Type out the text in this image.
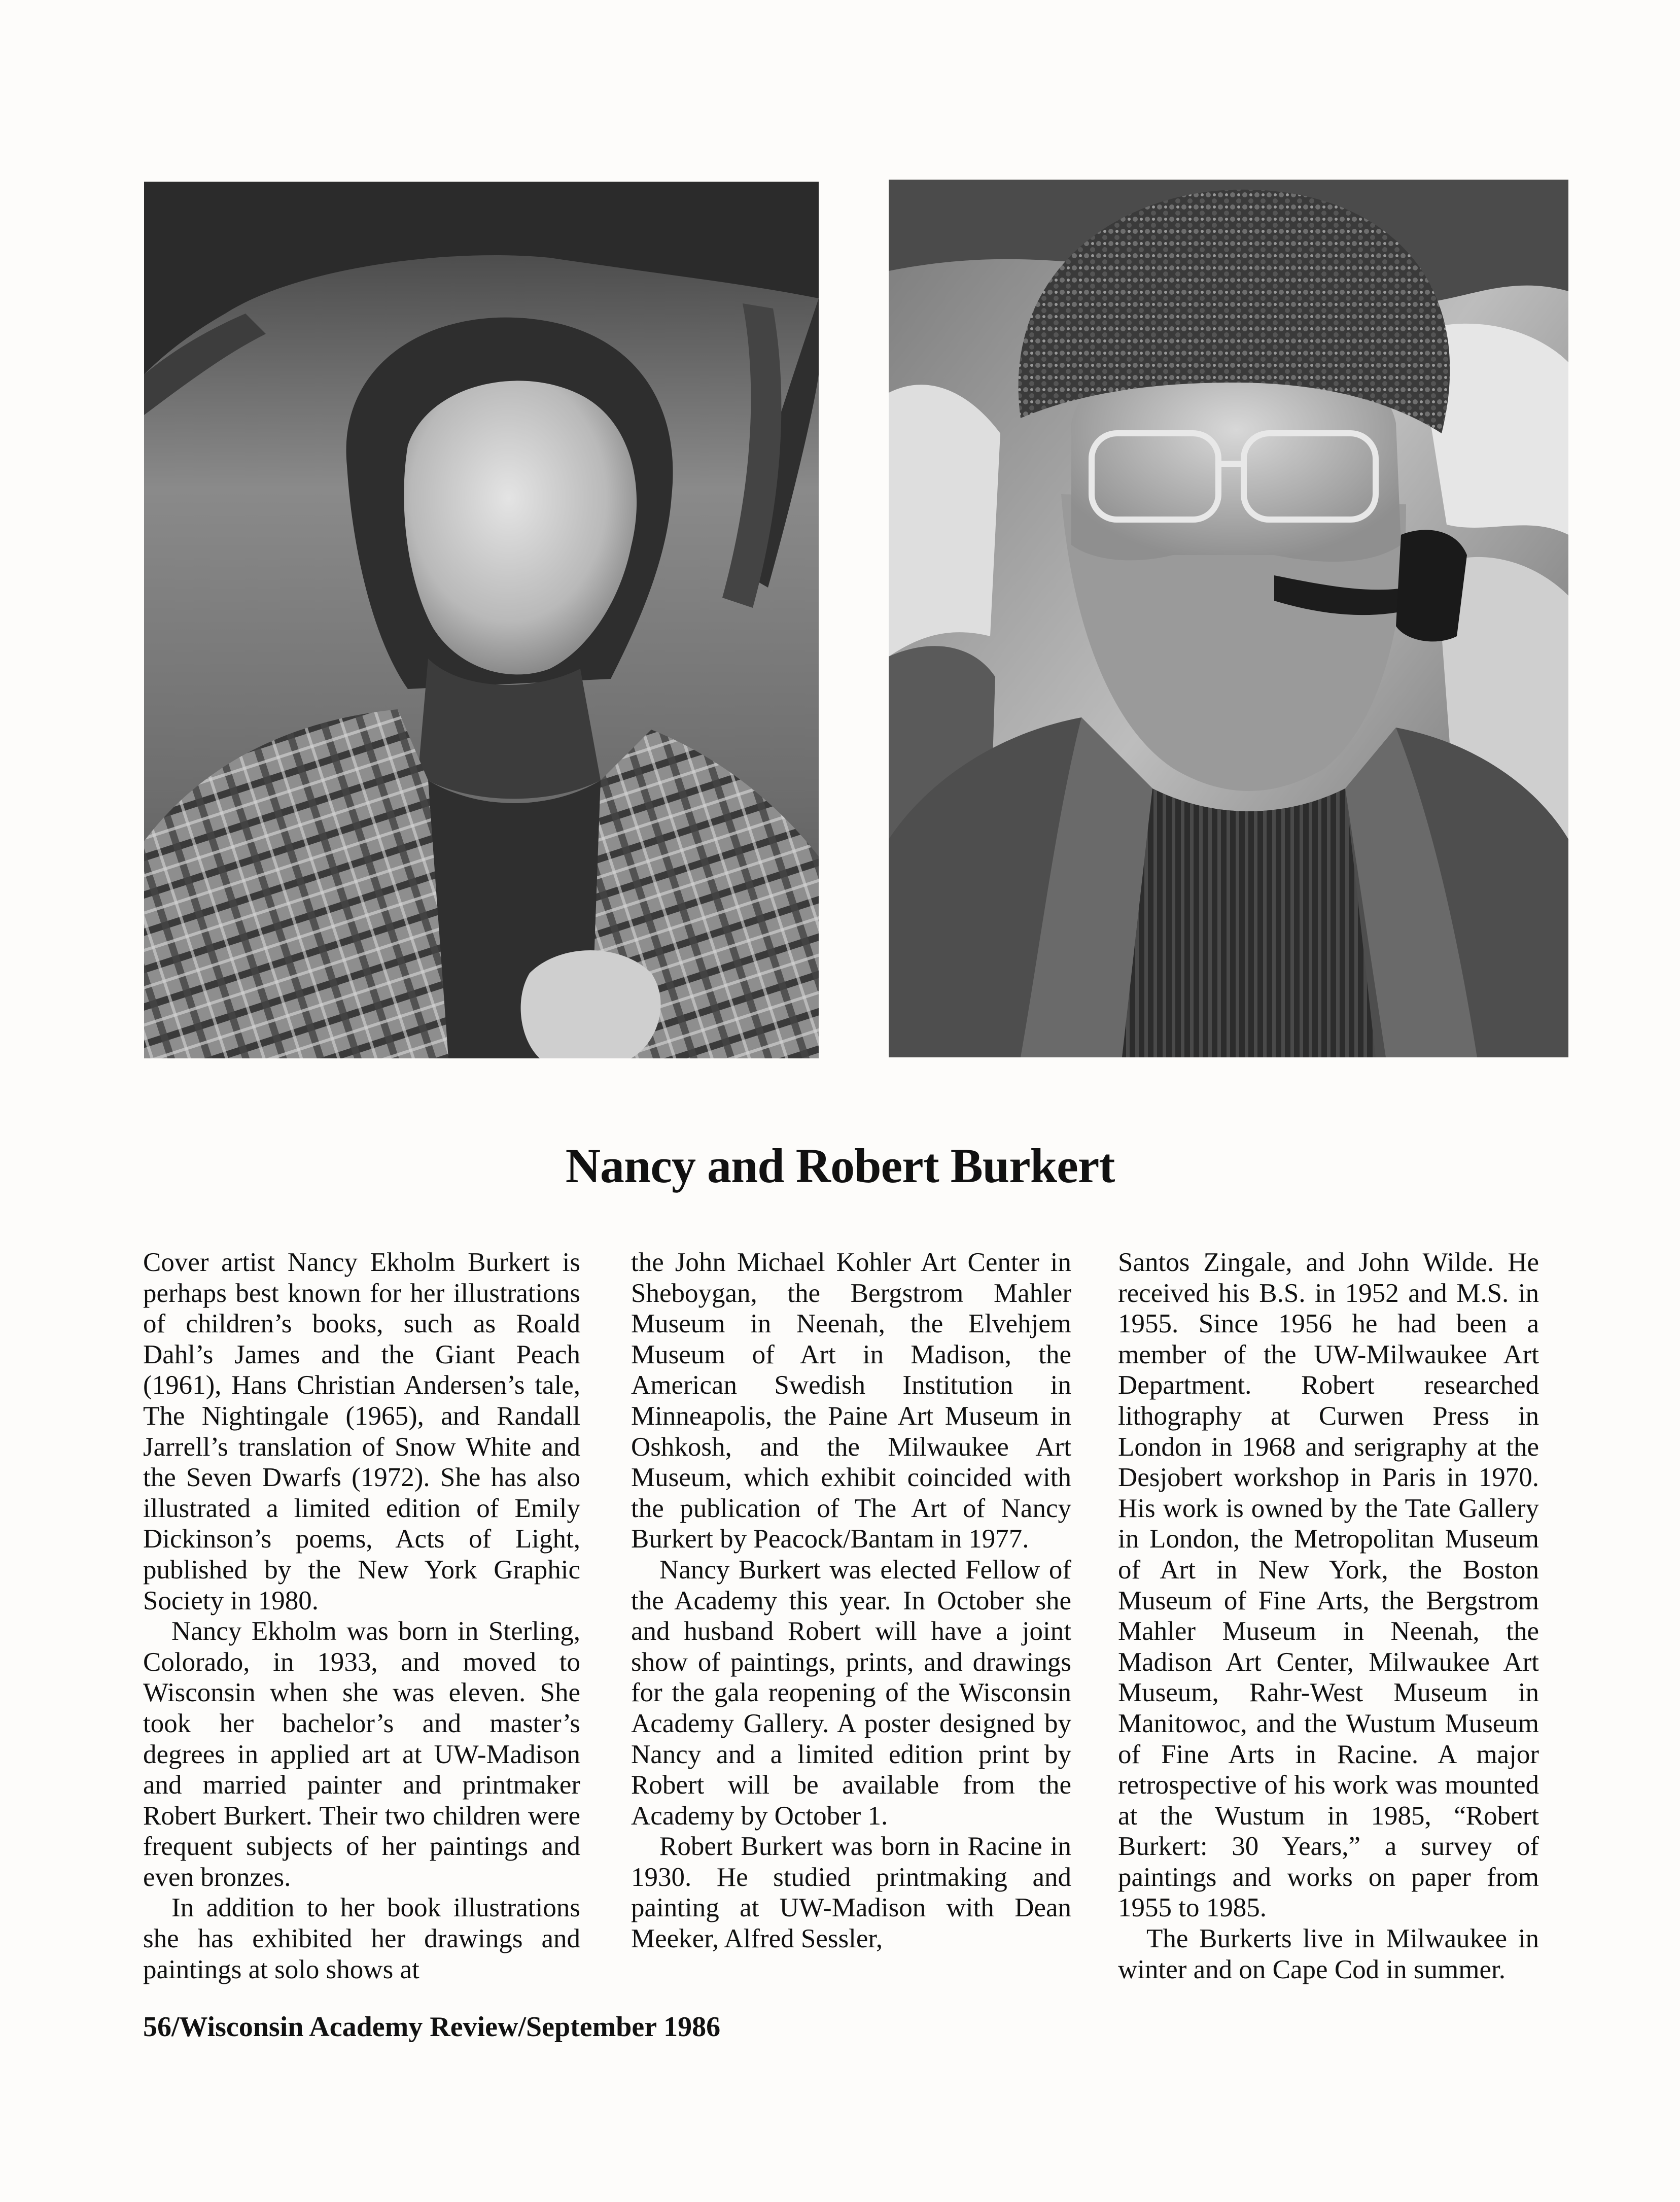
Nancy and Robert Burkert

Cover artist Nancy Ekholm Burkert is perhaps best known for her illustrations of children’s books, such as Roald Dahl’s James and the Giant Peach (1961), Hans Christian Andersen’s tale, The Nightingale (1965), and Randall Jarrell’s translation of Snow White and the Seven Dwarfs (1972). She has also illustrated a limited edition of Emily Dickinson’s poems, Acts of Light, published by the New York Graphic Society in 1980.

Nancy Ekholm was born in Sterling, Colorado, in 1933, and moved to Wisconsin when she was eleven. She took her bachelor’s and master’s degrees in applied art at UW-Madison and married painter and printmaker Robert Burkert. Their two children were frequent subjects of her paintings and even bronzes.

In addition to her book illustrations she has exhibited her drawings and paintings at solo shows at

the John Michael Kohler Art Center in Sheboygan, the Bergstrom Mahler Museum in Neenah, the Elvehjem Museum of Art in Madison, the American Swedish Institution in Minneapolis, the Paine Art Museum in Oshkosh, and the Milwaukee Art Museum, which exhibit coincided with the publication of The Art of Nancy Burkert by Peacock/Bantam in 1977.

Nancy Burkert was elected Fellow of the Academy this year. In October she and husband Robert will have a joint show of paintings, prints, and drawings for the gala reopening of the Wisconsin Academy Gallery. A poster designed by Nancy and a limited edition print by Robert will be available from the Academy by October 1.

Robert Burkert was born in Racine in 1930. He studied printmaking and painting at UW-Madison with Dean Meeker, Alfred Sessler,

Santos Zingale, and John Wilde. He received his B.S. in 1952 and M.S. in 1955. Since 1956 he had been a member of the UW-Milwaukee Art Department. Robert researched lithography at Curwen Press in London in 1968 and serigraphy at the Desjobert workshop in Paris in 1970. His work is owned by the Tate Gallery in London, the Metropolitan Museum of Art in New York, the Boston Museum of Fine Arts, the Bergstrom Mahler Museum in Neenah, the Madison Art Center, Milwaukee Art Museum, Rahr-West Museum in Manitowoc, and the Wustum Museum of Fine Arts in Racine. A major retrospective of his work was mounted at the Wustum in 1985, “Robert Burkert: 30 Years,” a survey of paintings and works on paper from 1955 to 1985.

The Burkerts live in Milwaukee in winter and on Cape Cod in summer.

56/Wisconsin Academy Review/September 1986
